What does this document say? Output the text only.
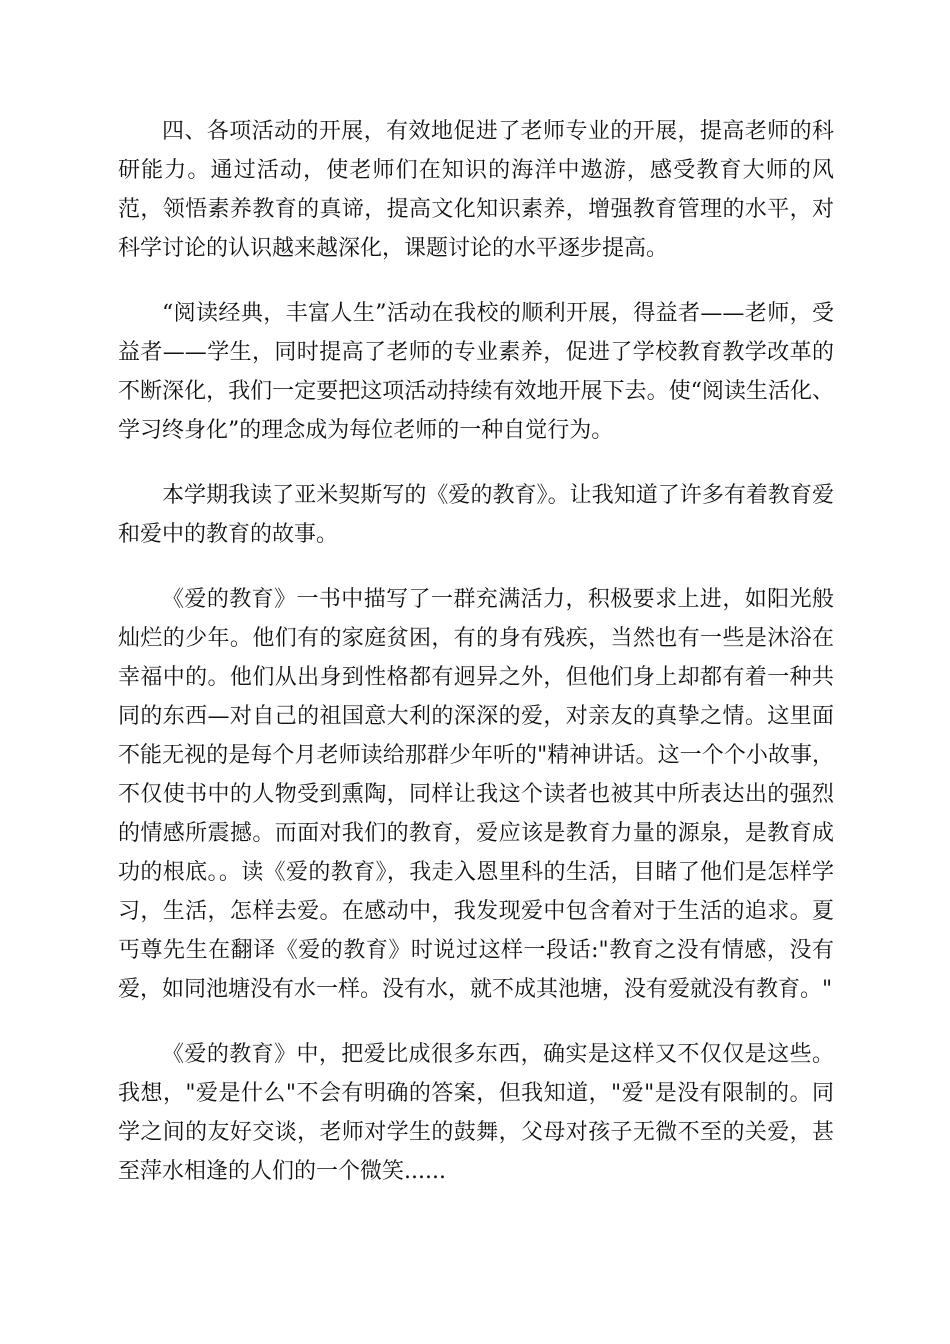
四、各项活动的开展，有效地促进了老师专业的开展，提高老师的科研能力。通过活动，使老师们在知识的海洋中遨游，感受教育大师的风范，领悟素养教育的真谛，提高文化知识素养，增强教育管理的水平，对科学讨论的认识越来越深化，课题讨论的水平逐步提高。

“阅读经典，丰富人生”活动在我校的顺利开展，得益者——老师，受益者——学生，同时提高了老师的专业素养，促进了学校教育教学改革的不断深化，我们一定要把这项活动持续有效地开展下去。使“阅读生活化、学习终身化”的理念成为每位老师的一种自觉行为。

本学期我读了亚米契斯写的《爱的教育》。让我知道了许多有着教育爱和爱中的教育的故事。

《爱的教育》一书中描写了一群充满活力，积极要求上进，如阳光般灿烂的少年。他们有的家庭贫困，有的身有残疾，当然也有一些是沐浴在幸福中的。他们从出身到性格都有迥异之外，但他们身上却都有着一种共同的东西—对自己的祖国意大利的深深的爱，对亲友的真挚之情。这里面不能无视的是每个月老师读给那群少年听的"精神讲话。这一个个小故事，不仅使书中的人物受到熏陶，同样让我这个读者也被其中所表达出的强烈的情感所震撼。而面对我们的教育，爱应该是教育力量的源泉，是教育成功的根底。。读《爱的教育》，我走入恩里科的生活，目睹了他们是怎样学习，生活，怎样去爱。在感动中，我发现爱中包含着对于生活的追求。夏丐尊先生在翻译《爱的教育》时说过这样一段话:"教育之没有情感，没有爱，如同池塘没有水一样。没有水，就不成其池塘，没有爱就没有教育。"

《爱的教育》中，把爱比成很多东西，确实是这样又不仅仅是这些。我想，"爱是什么"不会有明确的答案，但我知道，"爱"是没有限制的。同学之间的友好交谈，老师对学生的鼓舞，父母对孩子无微不至的关爱，甚至萍水相逢的人们的一个微笑......
